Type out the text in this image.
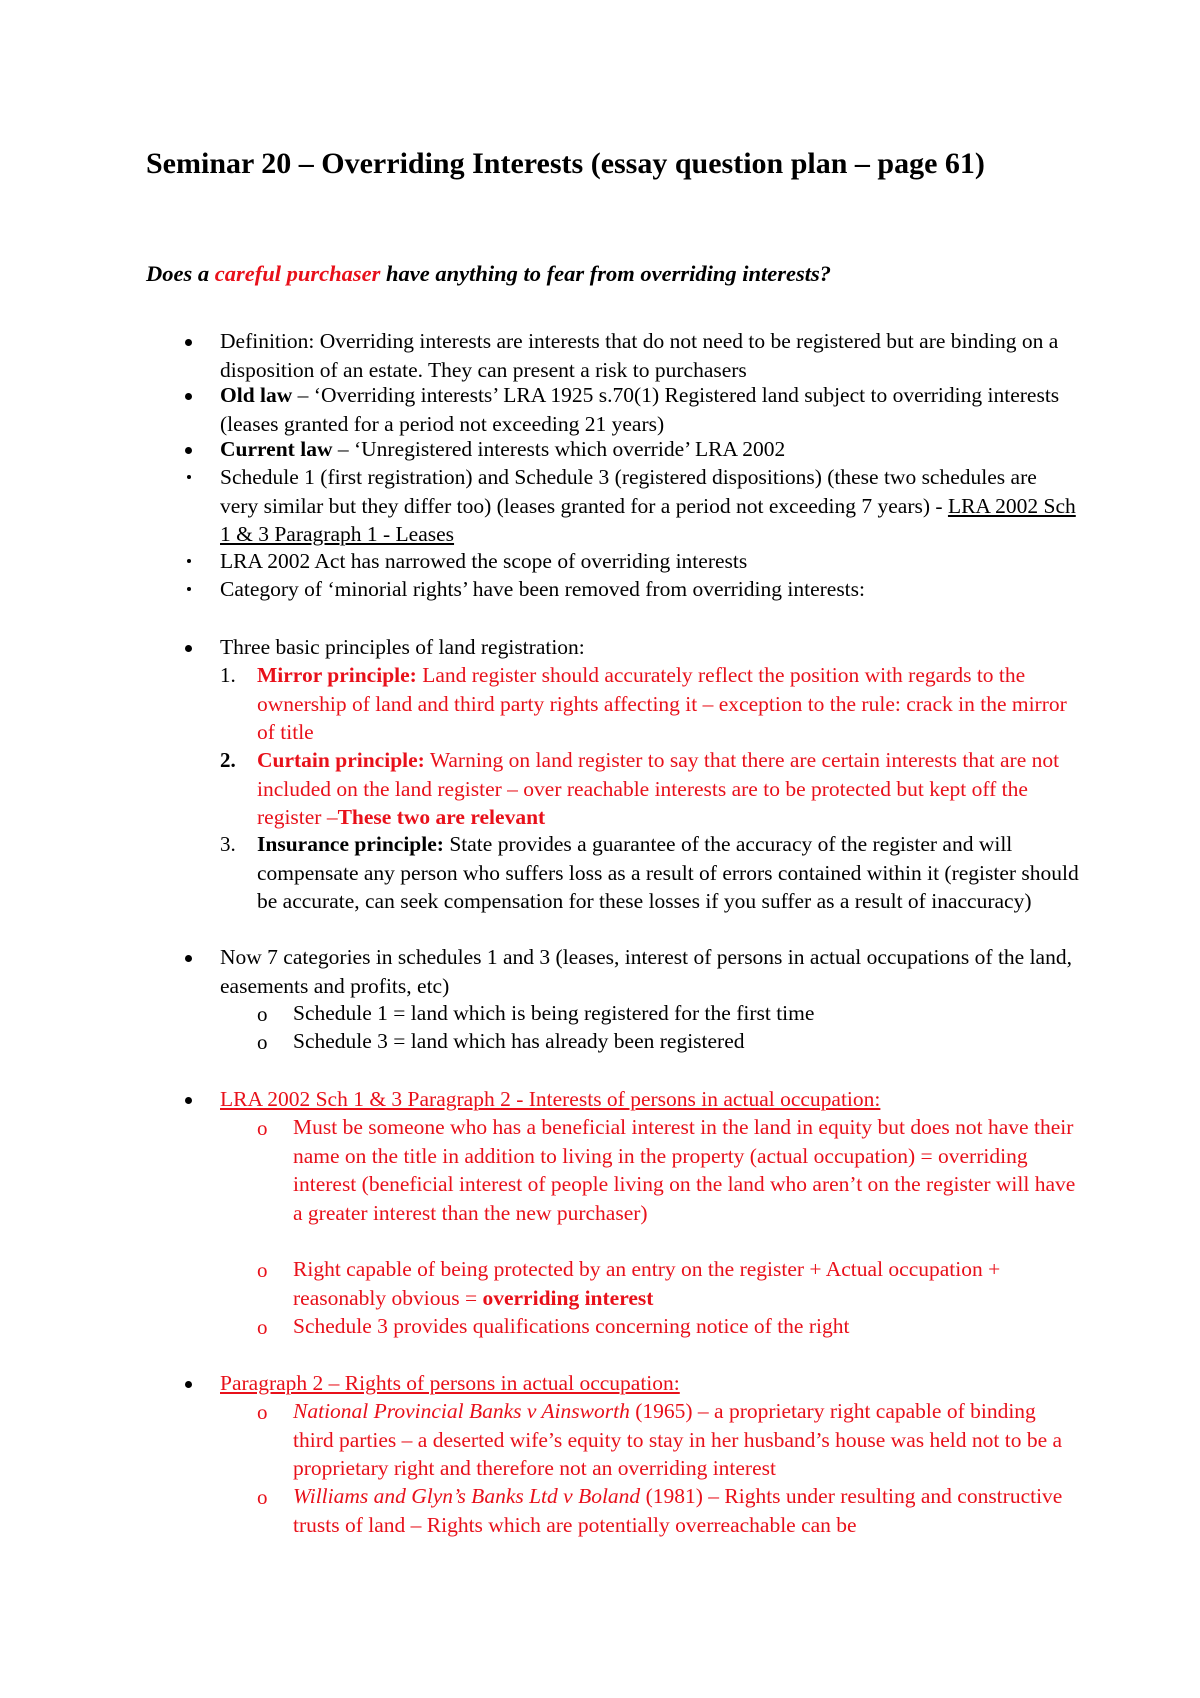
Seminar 20 – Overriding Interests (essay question plan – page 61)
Does a careful purchaser have anything to fear from overriding interests?
Definition: Overriding interests are interests that do not need to be registered but are binding on a disposition of an estate. They can present a risk to purchasers
Old law – ‘Overriding interests’ LRA 1925 s.70(1) Registered land subject to overriding interests (leases granted for a period not exceeding 21 years)
Current law – ‘Unregistered interests which override’ LRA 2002
Schedule 1 (first registration) and Schedule 3 (registered dispositions) (these two schedules are very similar but they differ too) (leases granted for a period not exceeding 7 years) - LRA 2002 Sch 1 & 3 Paragraph 1 - Leases
LRA 2002 Act has narrowed the scope of overriding interests
Category of ‘minorial rights’ have been removed from overriding interests:
Three basic principles of land registration:
1. Mirror principle: Land register should accurately reflect the position with regards to the ownership of land and third party rights affecting it – exception to the rule: crack in the mirror of title
2. Curtain principle: Warning on land register to say that there are certain interests that are not included on the land register – over reachable interests are to be protected but kept off the register –These two are relevant
3. Insurance principle: State provides a guarantee of the accuracy of the register and will compensate any person who suffers loss as a result of errors contained within it (register should be accurate, can seek compensation for these losses if you suffer as a result of inaccuracy)
Now 7 categories in schedules 1 and 3 (leases, interest of persons in actual occupations of the land, easements and profits, etc)
o Schedule 1 = land which is being registered for the first time
o Schedule 3 = land which has already been registered
LRA 2002 Sch 1 & 3 Paragraph 2 - Interests of persons in actual occupation:
o Must be someone who has a beneficial interest in the land in equity but does not have their name on the title in addition to living in the property (actual occupation) = overriding interest (beneficial interest of people living on the land who aren’t on the register will have a greater interest than the new purchaser)
o Right capable of being protected by an entry on the register + Actual occupation + reasonably obvious = overriding interest
o Schedule 3 provides qualifications concerning notice of the right
Paragraph 2 – Rights of persons in actual occupation:
o National Provincial Banks v Ainsworth (1965) – a proprietary right capable of binding third parties – a deserted wife’s equity to stay in her husband’s house was held not to be a proprietary right and therefore not an overriding interest
o Williams and Glyn’s Banks Ltd v Boland (1981) – Rights under resulting and constructive trusts of land – Rights which are potentially overreachable can be
